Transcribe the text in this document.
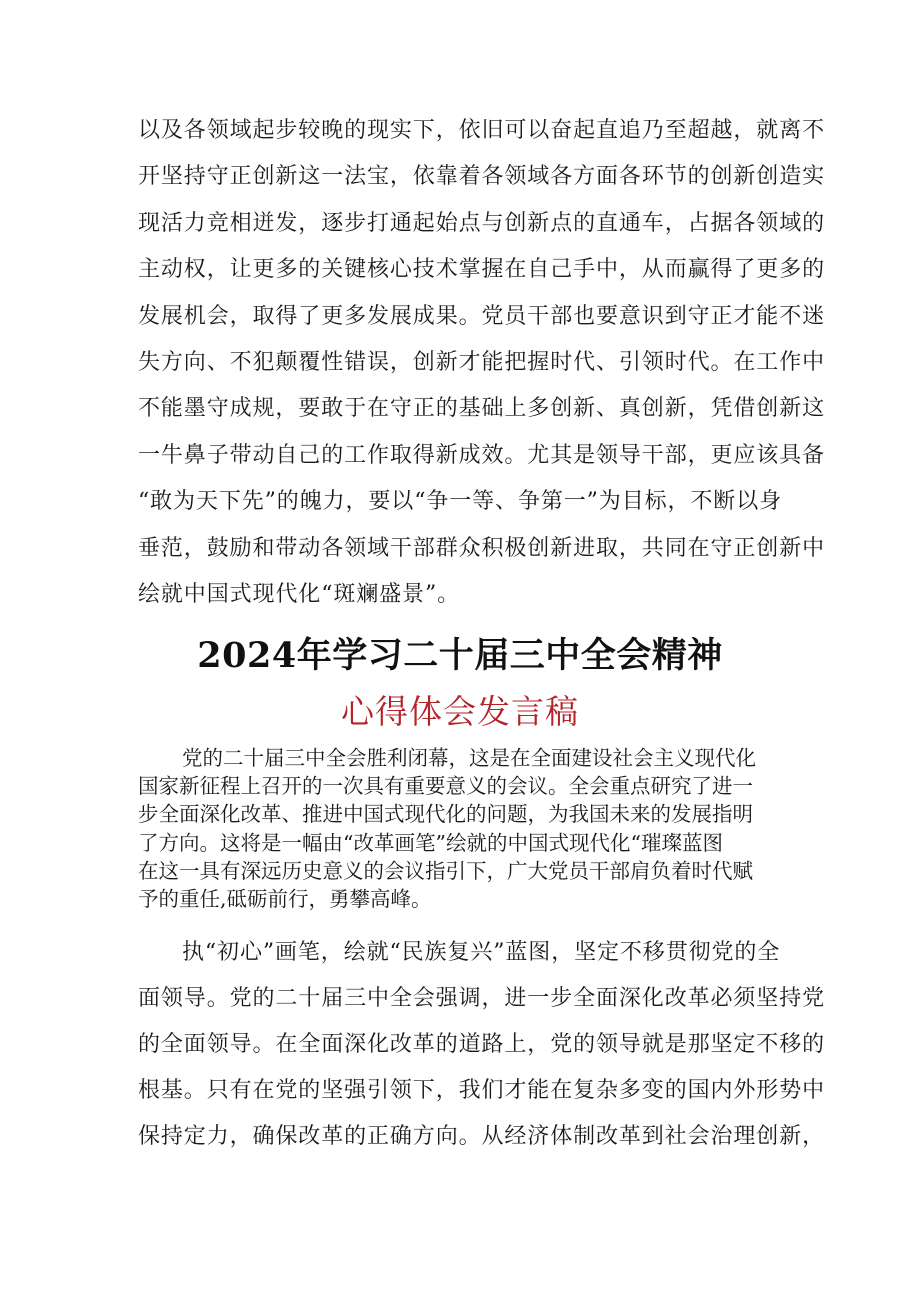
以及各领域起步较晚的现实下，依旧可以奋起直追乃至超越，就离不
开坚持守正创新这一法宝，依靠着各领域各方面各环节的创新创造实
现活力竞相迸发，逐步打通起始点与创新点的直通车，占据各领域的
主动权，让更多的关键核心技术掌握在自己手中，从而赢得了更多的
发展机会，取得了更多发展成果。党员干部也要意识到守正才能不迷
失方向、不犯颠覆性错误，创新才能把握时代、引领时代。在工作中
不能墨守成规，要敢于在守正的基础上多创新、真创新，凭借创新这
一牛鼻子带动自己的工作取得新成效。尤其是领导干部，更应该具备
“敢为天下先”的魄力，要以“争一等、争第一”为目标，不断以身
垂范，鼓励和带动各领域干部群众积极创新进取，共同在守正创新中
绘就中国式现代化“斑斓盛景”。
2024年学习二十届三中全会精神
心得体会发言稿
党的二十届三中全会胜利闭幕，这是在全面建设社会主义现代化
国家新征程上召开的一次具有重要意义的会议。全会重点研究了进一
步全面深化改革、推进中国式现代化的问题，为我国未来的发展指明
了方向。这将是一幅由“改革画笔”绘就的中国式现代化“璀璨蓝图
在这一具有深远历史意义的会议指引下，广大党员干部肩负着时代赋
予的重任,砥砺前行，勇攀高峰。
执“初心”画笔，绘就“民族复兴”蓝图，坚定不移贯彻党的全
面领导。党的二十届三中全会强调，进一步全面深化改革必须坚持党
的全面领导。在全面深化改革的道路上，党的领导就是那坚定不移的
根基。只有在党的坚强引领下，我们才能在复杂多变的国内外形势中
保持定力，确保改革的正确方向。从经济体制改革到社会治理创新，
